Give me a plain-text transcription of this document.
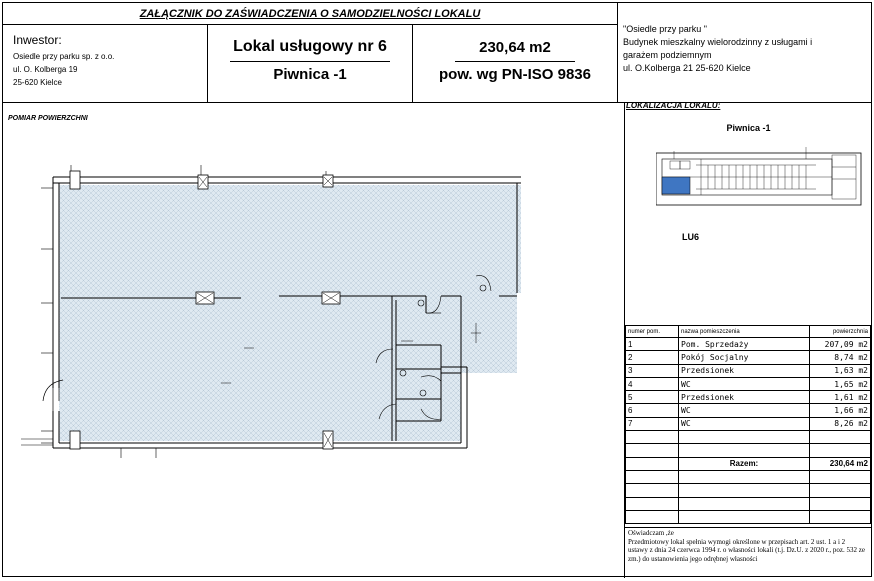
ZAŁĄCZNIK DO ZAŚWIADCZENIA O SAMODZIELNOŚCI LOKALU
Inwestor:
Osiedle przy parku sp. z o.o.
ul. O. Kolberga 19
25-620 Kielce
Lokal usługowy nr 6
Piwnica -1
230,64 m2
pow. wg PN-ISO 9836
"Osiedle przy parku "
Budynek mieszkalny wielorodzinny z usługami i
garażem podziemnym
ul. O.Kolberga 21 25-620 Kielce
POMIAR POWIERZCHNI
LOKALIZACJA LOKALU:
Piwnica -1
LU6
numer pom.	nazwa pomieszczenia	powierzchnia
1	Pom. Sprzedaży	207,09 m2
2	Pokój Socjalny	8,74 m2
3	Przedsionek	1,63 m2
4	WC	1,65 m2
5	Przedsionek	1,61 m2
6	WC	1,66 m2
7	WC	8,26 m2

	Razem:	230,64 m2

Oświadczam ,że
Przedmiotowy lokal spełnia wymogi określone w przepisach art. 2 ust. 1 a i 2 ustawy z dnia 24 czerwca 1994 r. o własności lokali (t.j. Dz.U. z 2020 r., poz. 532 ze zm.) do ustanowienia jego odrębnej własności
